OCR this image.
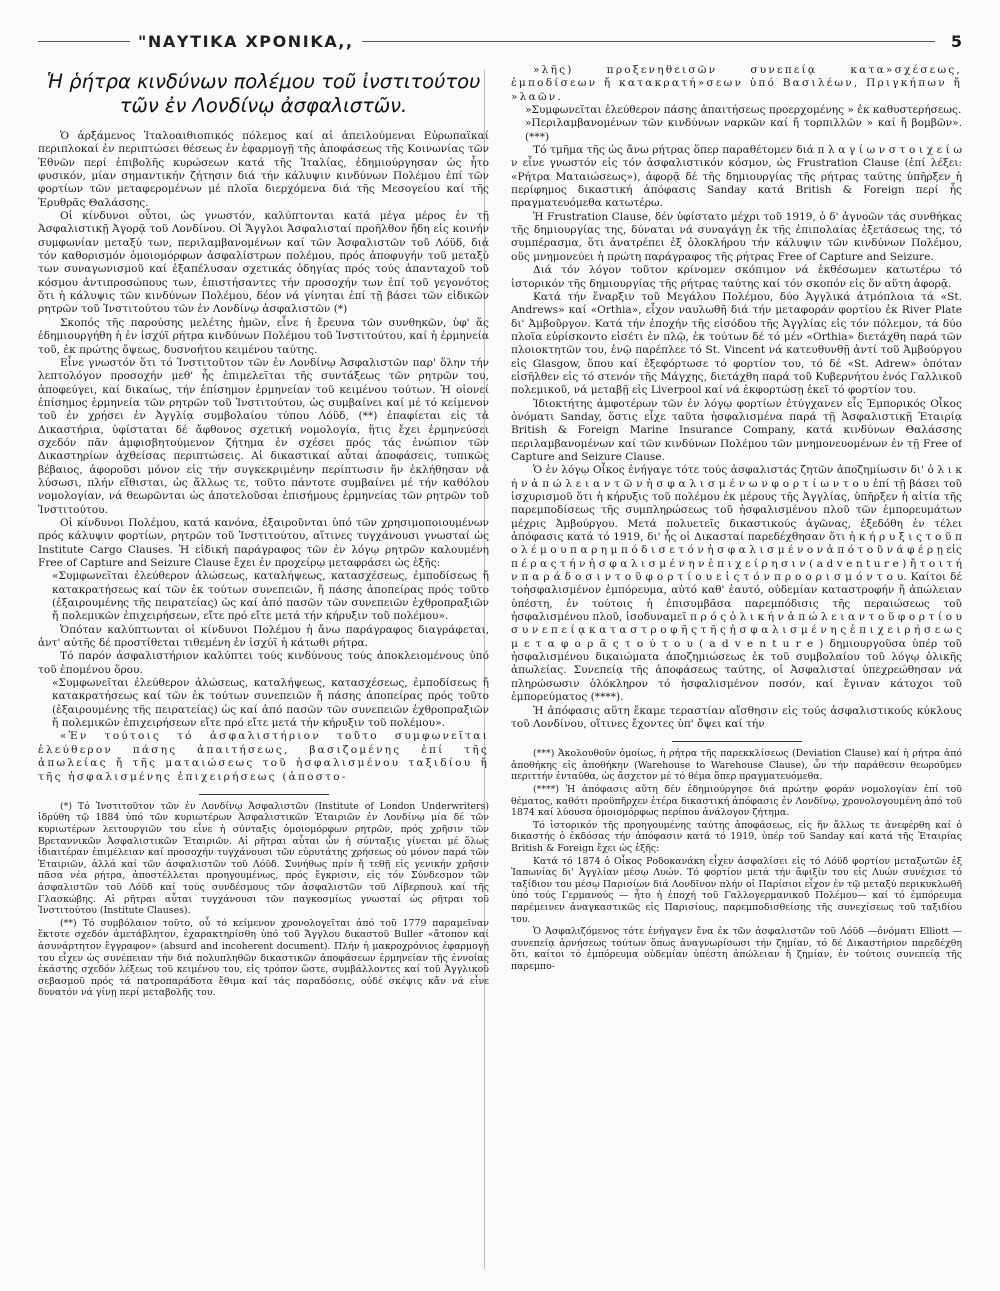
"ΝΑΥΤΙΚΑ ΧΡΟΝΙΚΑ,,	5
Ἡ ῥήτρα κινδύνων πολέμου τοῦ ἰνστιτούτου
τῶν ἐν Λονδίνῳ ἀσφαλιστῶν.

Ὁ ἀρξάμενος Ἰταλοαιθιοπικός πόλεμος καί αἱ ἀπειλούμεναι Εὐρωπαϊκαί περιπλοκαί ἐν περιπτώσει θέσεως ἐν ἐφαρμογῇ τῆς ἀποφάσεως τῆς Κοινωνίας τῶν Ἐθνῶν περί ἐπιβολῆς κυρώσεων κατά τῆς Ἰταλίας, ἐδημιούργησαν ὡς ἦτο φυσικόν, μίαν σημαντικήν ζήτησιν διά τήν κάλυψιν κινδύνων Πολέμου ἐπί τῶν φορτίων τῶν μεταφερομένων μέ πλοῖα διερχόμενα διά τῆς Μεσογείου καί τῆς Ἐρυθρᾶς Θαλάσσης.

Οἱ κίνδυνοι οὗτοι, ὡς γνωστόν, καλύπτονται κατά μέγα μέρος ἐν τῇ Ἀσφαλιστικῇ Ἀγορᾷ τοῦ Λονδίνου. Οἱ Ἄγγλοι Ἀσφαλισταί προῆλθον ἤδη εἰς κοινήν συμφωνίαν μεταξύ των, περιλαμβανομένων καί τῶν Ἀσφαλιστῶν τοῦ Λόϋδ, διά τόν καθορισμόν ὁμοιομόρφων ἀσφαλίστρων πολέμου, πρός ἀποφυγήν τοῦ μεταξύ των συναγωνισμοῦ καί ἐξαπέλυσαν σχετικάς ὁδηγίας πρός τούς ἁπανταχοῦ τοῦ κόσμου ἀντιπροσώπους των, ἐπιστήσαντες τήν προσοχήν των ἐπί τοῦ γεγονότος ὅτι ἡ κάλυψις τῶν κινδύνων Πολέμου, δέον νά γίνηται ἐπί τῇ βάσει τῶν εἰδικῶν ρητρῶν τοῦ Ἰνστιτούτου τῶν ἐν Λονδίνῳ ἀσφαλιστῶν (*)

Σκοπός τῆς παρούσης μελέτης ἡμῶν, εἶνε ἡ ἔρευνα τῶν συνθηκῶν, ὑφ' ἅς ἐδημιουργήθη ἡ ἐν ἰσχύϊ ρήτρα κινδύνων Πολέμου τοῦ Ἰνστιτούτου, καί ἡ ἑρμηνεία τοῦ, ἐκ πρώτης ὄψεως, δυσνοήτου κειμένου ταύτης.

Εἶνε γνωστόν ὅτι τό Ἰνστιτοῦτον τῶν ἐν Λονδίνῳ Ἀσφαλιστῶν παρ' ὅλην τήν λεπτολόγον προσοχήν μεθ' ἧς ἐπιμελεῖται τῆς συντάξεως τῶν ρητρῶν του, ἀποφεύγει, καί δικαίως, τήν ἐπίσημον ἑρμηνείαν τοῦ κειμένου τούτων. Ἡ οἱονεί ἐπίσημος ἑρμηνεία τῶν ρητρῶν τοῦ Ἰνστιτούτου, ὡς συμβαίνει καί μέ τό κείμενον τοῦ ἐν χρήσει ἐν Ἀγγλίᾳ συμβολαίου τύπου Λόϋδ, (**) ἐπαφίεται εἰς τά Δικαστήρια, ὑφίσταται δέ ἄφθονος σχετική νομολογία, ἥτις ἔχει ἑρμηνεύσει σχεδόν πᾶν ἀμφισβητούμενον ζήτημα ἐν σχέσει πρός τάς ἐνώπιον τῶν Δικαστηρίων ἀχθείσας περιπτώσεις. Αἱ δικαστικαί αὗται ἀποφάσεις, τυπικῶς βέβαιος, ἀφοροῦσι μόνον εἰς τήν συγκεκριμένην περίπτωσιν ἥν ἐκλήθησαν νά λύσωσι, πλήν εἴθισται, ὡς ἄλλως τε, τοῦτο πάντοτε συμβαίνει μέ τήν καθόλου νομολογίαν, νά θεωρῶνται ὡς ἀποτελοῦσαι ἐπισήμους ἑρμηνείας τῶν ρητρῶν τοῦ Ἰνστιτούτου.

Οἱ κίνδυνοι Πολέμου, κατά κανόνα, ἐξαιροῦνται ὑπό τῶν χρησιμοποιουμένων πρός κάλυψιν φορτίων, ρητρῶν τοῦ Ἰνστιτούτου, αἵτινες τυγχάνουσι γνωσταί ὡς Institute Cargo Clauses. Ἡ εἰδική παράγραφος τῶν ἐν λόγῳ ρητρῶν καλουμένη Free of Capture and Seizure Clause ἔχει ἐν προχείρῳ μεταφράσει ὡς ἑξῆς:

«Συμφωνεῖται ἐλεύθερον ἁλώσεως, καταλήψεως, κατασχέσεως, ἐμποδίσεως ἤ κατακρατήσεως καί τῶν ἐκ τούτων συνεπειῶν, ἤ πάσης ἀποπείρας πρός τοῦτο (ἐξαιρουμένης τῆς πειρατείας) ὡς καί ἀπό πασῶν τῶν συνεπειῶν ἐχθροπραξιῶν ἤ πολεμικῶν ἐπιχειρήσεων, εἴτε πρό εἴτε μετά τήν κήρυξιν τοῦ πολέμου».

Ὁπόταν καλύπτωνται οἱ κίνδυνοι Πολέμου ἡ ἄνω παράγραφος διαγράφεται, ἀντ' αὐτῆς δέ προστίθεται τιθεμένη ἐν ἰσχύϊ ἡ κάτωθι ρήτρα.

Τό παρόν ἀσφαλιστήριον καλύπτει τούς κινδύνους τούς ἀποκλειομένους ὑπό τοῦ ἑπομένου ὅρου.

«Συμφωνεῖται ἐλεύθερον ἁλώσεως, καταλήψεως, κατασχέσεως, ἐμποδίσεως ἤ κατακρατήσεως καί τῶν ἐκ τούτων συνεπειῶν ἤ πάσης ἀποπείρας πρός τοῦτο (ἐξαιρουμένης τῆς πειρατείας) ὡς καί ἀπό πασῶν τῶν συνεπειῶν ἐχθροπραξιῶν ἤ πολεμικῶν ἐπιχειρήσεων εἴτε πρό εἴτε μετά τήν κήρυξιν τοῦ πολέμου».

«Ἐν τούτοις τό ἀσφαλιστήριον τοῦτο συμφωνεῖται ἐλεύθερον πάσης ἀπαιτήσεως, βασιζομένης ἐπί τῆς ἀπωλείας ἤ τῆς ματαιώσεως τοῦ ἠσφαλισμένου ταξιδίου ἤ τῆς ἠσφαλισμένης ἐπιχειρήσεως (ἀποστο-

(*) Τό Ἰνστιτοῦτον τῶν ἐν Λονδίνῳ Ἀσφαλιστῶν (Institute of London Underwriters) ἱδρύθη τῷ 1884 ὑπό τῶν κυριωτέρων Ἀσφαλιστικῶν Ἑταιριῶν ἐν Λονδίνῳ μία δέ τῶν κυριωτέρων λειτουργιῶν του εἶνε ἡ σύνταξις ὁμοιομόρφων ρητρῶν, πρός χρῆσιν τῶν Βρεταννικῶν Ἀσφαλιστικῶν Ἑταιριῶν. Αἱ ρῆτραι αὗται ὧν ἡ σύνταξις γίνεται μέ ὅλως ἰδιαιτέραν ἐπιμέλειαν καί προσοχήν τυγχάνουσι τῶν εὐρυτάτης χρήσεως οὐ μόνον παρά τῶν Ἑταιριῶν, ἀλλά καί τῶν ἀσφαλιστῶν τοῦ Λόϋδ. Συνήθως πρίν ἤ τεθῇ εἰς γενικήν χρῆσιν πᾶσα νέα ρήτρα, ἀποστέλλεται προηγουμένως, πρός ἔγκρισιν, εἰς τόν Σύνδεσμον τῶν ἀσφαλιστῶν τοῦ Λόϋδ καί τούς συνδέσμους τῶν ἀσφαλιστῶν τοῦ Λίβερπουλ καί τῆς Γλασκώβης. Αἱ ρῆτραι αὗται τυγχάνουσι τῶν παγκοσμίως γνωσταί ὡς ρῆτραι τοῦ Ἰνστιτούτου (Institute Clauses).

(**) Τό συμβόλαιον τοῦτο, οὗ τό κείμενον χρονολογεῖται ἀπό τοῦ 1779 παραμεῖναν ἔκτοτε σχεδόν ἀμετάβλητον, ἐχαρακτηρίσθη ὑπό τοῦ Ἄγγλου δικαστοῦ Buller «ἄτοπον καί ἀσυνάρτητον ἔγγραφον» (absurd and incoherent document). Πλήν ἡ μακροχρόνιος ἐφαρμογή του εἶχεν ὡς συνέπειαν τήν διά πολυπληθῶν δικαστικῶν ἀποφάσεων ἑρμηνείαν τῆς ἐννοίας ἑκάστης σχεδόν λέξεως τοῦ κειμένου του, εἰς τρόπον ὥστε, συμβάλλοντες καί τοῦ Ἀγγλικοῦ σεβασμοῦ πρός τά πατροπαράδοτα ἔθιμα καί τάς παραδόσεις, οὐδέ σκέψις κἄν νά εἶνε δυνατόν νά γίνῃ περί μεταβολῆς του.

»λῆς) προξενηθεισῶν συνεπείᾳ κατα»σχέσεως, ἐμποδίσεων ἤ κατακρατή»σεων ὑπό Βασιλέων, Πριγκήπων ἤ »λαῶν.

»Συμφωνεῖται ἐλεύθερον πάσης ἀπαιτήσεως προερχομένης » ἐκ καθυστερήσεως.

»Περιλαμβανομένων τῶν κινδύνων ναρκῶν καί ἤ τορπιλλῶν » καί ἤ βομβῶν». (***)

Τό τμῆμα τῆς ὡς ἄνω ρήτρας ὅπερ παραθέτομεν διά π λ α γ ί ω ν σ τ ο ι χ ε ί ω ν εἶνε γνωστόν εἰς τόν ἀσφαλιστικόν κόσμον, ὡς Frustration Clause (ἐπί λέξει: «Ρήτρα Ματαιώσεως»), ἀφορᾷ δέ τῆς δημιουργίας τῆς ρήτρας ταύτης ὑπῆρξεν ἡ περίφημος δικαστική ἀπόφασις Sanday κατά British & Foreign περί ἧς πραγματευόμεθα κατωτέρω.

Ἡ Frustration Clause, δέν ὑφίστατο μέχρι τοῦ 1919, ὁ δ' ἀγνοῶν τάς συνθήκας τῆς δημιουργίας της, δύναται νά συναγάγῃ ἐκ τῆς ἐπιπολαίας ἐξετάσεως της, τό συμπέρασμα, ὅτι ἀνατρέπει ἐξ ὁλοκλήρου τήν κάλυψιν τῶν κινδύνων Πολέμου, οὕς μνημονεύει ἡ πρώτη παράγραφος τῆς ρήτρας Free of Capture and Seizure.

Διά τόν λόγον τοῦτον κρίνομεν σκόπιμον νά ἐκθέσωμεν κατωτέρω τό ἱστορικόν τῆς δημιουργίας τῆς ρήτρας ταύτης καί τόν σκοπόν εἰς ὅν αὕτη ἀφορᾷ.

Κατά τήν ἔναρξιν τοῦ Μεγάλου Πολέμου, δύο Ἀγγλικά ἀτμόπλοια τά «St. Andrews» καί «Orthia», εἶχον ναυλωθῆ διά τήν μεταφοράν φορτίου ἐκ River Plate δι' Ἀμβοῦργον. Κατά τήν ἐποχήν τῆς εἰσόδου τῆς Ἀγγλίας εἰς τόν πόλεμον, τά δύο πλοῖα εὑρίσκοντο εἰσέτι ἐν πλῷ, ἐκ τούτων δέ τό μέν «Orthia» διετάχθη παρά τῶν πλοιοκτητῶν του, ἐνῷ παρέπλεε τό St. Vincent νά κατευθυνθῇ ἀντί τοῦ Ἀμβούργου εἰς Glasgow, ὅπου καί ἐξεφόρτωσε τό φορτίον του, τό δέ «St. Adrew» ὁπόταν εἰσῆλθεν εἰς τό στενόν τῆς Μάγχης, διετάχθη παρά τοῦ Κυβερνήτου ἑνός Γαλλικοῦ πολεμικοῦ, νά μεταβῇ εἰς Liverpool καί νά ἐκφορτώσῃ ἐκεῖ τό φορτίον του.

Ἰδιοκτήτης ἀμφοτέρων τῶν ἐν λόγῳ φορτίων ἐτύγχανεν εἷς Ἐμπορικός Οἶκος ὀνόματι Sanday, ὅστις εἶχε ταῦτα ἠσφαλισμένα παρά τῇ Ἀσφαλιστικῇ Ἑταιρίᾳ British & Foreign Marine Insurance Company, κατά κινδύνων Θαλάσσης περιλαμβανομένων καί τῶν κινδύνων Πολέμου τῶν μνημονευομένων ἐν τῇ Free of Capture and Seizure Clause.

Ὁ ἐν λόγῳ Οἶκος ἐνήγαγε τότε τούς ἀσφαλιστάς ζητῶν ἀποζημίωσιν δι' ὁ λ ι κ ή ν ἀ π ώ λ ε ι α ν τ ῶ ν ἠ σ φ α λ ι σ μ έ ν ω ν φ ο ρ τ ί ω ν τ ο υ ἐπί τῇ βάσει τοῦ ἰσχυρισμοῦ ὅτι ἡ κήρυξις τοῦ πολέμου ἐκ μέρους τῆς Ἀγγλίας, ὑπῆρξεν ἡ αἰτία τῆς παρεμποδίσεως τῆς συμπληρώσεως τοῦ ἠσφαλισμένου πλοῦ τῶν ἐμπορευμάτων μέχρις Ἀμβούργου. Μετά πολυετεῖς δικαστικούς ἀγῶνας, ἐξεδόθη ἐν τέλει ἀπόφασις κατά τό 1919, δι' ἧς οἱ Δικασταί παρεδέχθησαν ὅτι ἡ κ ή ρ υ ξ ι ς τ ο ῦ π ο λ έ μ ο υ π α ρ η μ π ό δ ι σ ε τ ό ν ἠ σ φ α λ ι σ μ έ ν ο ν ἀ π ό τ ο ῦ ν ά φ έ ρ ῃ εἰς π έ ρ α ς τ ή ν ἠ σ φ α λ ι σ μ έ ν η ν ἐ π ι χ ε ί ρ η σ ι ν ( a d v e n t u r e ) ἤ τ ο ι τ ή ν π α ρ ά δ ο σ ι ν τ ο ῦ φ ο ρ τ ί ο υ ε ἰ ς τ ό ν π ρ ο ο ρ ι σ μ ό ν τ ο υ. Καίτοι δέ τοἠσφαλισμένον ἐμπόρευμα, αὐτό καθ' ἑαυτό, οὐδεμίαν καταστροφήν ἤ ἀπώλειαν ὑπέστη, ἐν τούτοις ἡ ἐπισυμβᾶσα παρεμπόδισις τῆς περαιώσεως τοῦ ἠσφαλισμένου πλοῦ, ἰσοδυναμεῖ π ρ ό ς ὁ λ ι κ ή ν ἀ π ώ λ ε ι α ν τ ο ῦ φ ο ρ τ ί ο υ σ υ ν ε π ε ί ᾳ κ α τ α σ τ ρ ο φ ῆ ς τ ῆ ς ἠ σ φ α λ ι σ μ έ ν η ς ἐ π ι χ ε ι ρ ή σ ε ω ς μ ε τ α φ ο ρ ᾶ ς τ ο ύ τ ο υ ( a d v e n t u r e ) δημιουργοῦσα ὑπέρ τοῦ ἠσφαλισμένου δικαιώματα ἀποζημιώσεως ἐκ τοῦ συμβολαίου τοῦ λόγῳ ὁλικῆς ἀπωλείας. Συνεπείᾳ τῆς ἀποφάσεως ταύτης, οἱ Ἀσφαλισταί ὑπεχρεώθησαν νά πληρώσωσιν ὁλόκληρον τό ἠσφαλισμένον ποσόν, καί ἔγιναν κάτοχοι τοῦ ἐμπορεύματος (****).

Ἡ ἀπόφασις αὕτη ἔκαμε τεραστίαν αἴσθησιν εἰς τούς ἀσφαλιστικούς κύκλους τοῦ Λονδίνου, οἵτινες ἔχοντες ὑπ' ὄψει καί τήν

(***) Ἀκολουθοῦν ὁμοίως, ἡ ρήτρα τῆς παρεκκλίσεως (Deviation Clause) καί ἡ ρήτρα ἀπό ἀποθήκης εἰς ἀποθήκην (Warehouse to Warehouse Clause), ὧν τήν παράθεσιν θεωροῦμεν περιττήν ἐνταῦθα, ὡς ἄσχετον μέ τό θέμα ὅπερ πραγματευόμεθα.

(****) Ἡ ἀπόφασις αὕτη δέν ἐδημιούργησε διά πρώτην φοράν νομολογίαν ἐπί τοῦ θέματος, καθότι προϋπῆρχεν ἑτέρα δικαστική ἀπόφασις ἐν Λονδίνῳ, χρονολογουμένη ἀπό τοῦ 1874 καί λύουσα ὁμοιομόρφως περίπου ἀνάλογον ζήτημα.

Τό ἱστορικόν τῆς προηγουμένης ταύτης ἀποφάσεως, εἰς ἥν ἄλλως τε ἀνεφέρθη καί ὁ δικαστής ὁ ἐκδόσας τήν ἀπόφασιν κατά τό 1919, ὑπέρ τοῦ Sanday καί κατά τῆς Ἑταιρίας British & Foreign ἔχει ὡς ἑξῆς:

Κατά τό 1874 ὁ Οἶκος Ροδοκανάκη εἶχεν ἀσφαλίσει εἰς τό Λόϋδ φορτίον μεταξωτῶν ἐξ Ἰαπωνίας δι' Ἀγγλίαν μέσῳ Λυών. Τό φορτίον μετά τήν ἄφιξίν του εἰς Λυών συνέχισε τό ταξίδιον του μέσῳ Παρισίων διά Λονδῖνον πλήν οἱ Παρίσιοι εἶχον ἐν τῷ μεταξύ περικυκλωθῆ ὑπό τούς Γερμανούς — ἦτο ἡ ἐποχή τοῦ Γαλλογερμανικοῦ Πολέμου— καί τό ἐμπόρευμα παρέμεινεν ἀναγκαστικῶς εἰς Παρισίους, παρεμποδισθείσης τῆς συνεχίσεως τοῦ ταξιδίου του.

Ὁ Ἀσφαλιζόμενος τότε ἐνήγαγεν ἕνα ἐκ τῶν ἀσφαλιστῶν τοῦ Λόϋδ —ὀνόματι Elliott — συνεπείᾳ ἀρνήσεως τούτων ὅπως ἀναγνωρίσωσι τήν ζημίαν, τό δέ Δικαστήριον παρεδέχθη ὅτι, καίτοι τό ἐμπόρευμα οὐδεμίαν ὑπέστη ἀπώλειαν ἤ ζημίαν, ἐν τούτοις συνεπείᾳ τῆς παρεμπο-
